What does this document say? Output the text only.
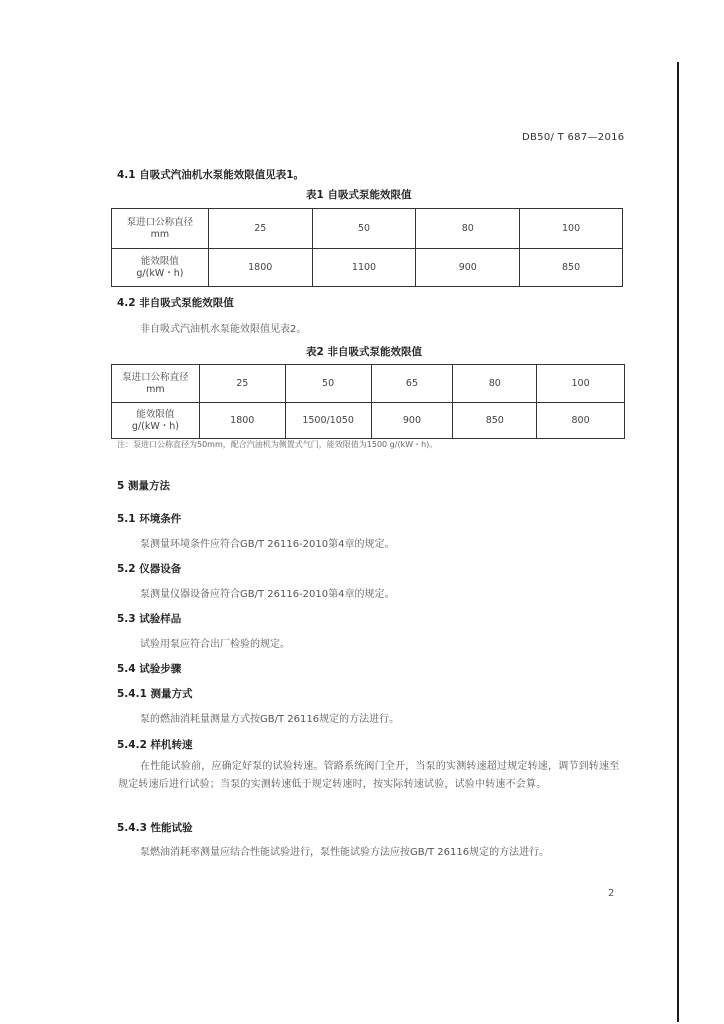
DB50/ T 687—2016
4.1 自吸式汽油机水泵能效限值见表1。
表1 自吸式泵能效限值
泵进口公称直径
mm	25	50	80	100

能效限值
g/(kW・h)	1800	1100	900	850
4.2 非自吸式泵能效限值
非自吸式汽油机水泵能效限值见表2。
表2 非自吸式泵能效限值
泵进口公称直径
mm	25	50	65	80	100

能效限值
g/(kW・h)	1800	1500/1050	900	850	800
注：泵进口公称直径为50mm，配合汽油机为侧置式气门，能效限值为1500 g/(kW・h)。
5 测量方法
5.1 环境条件
泵测量环境条件应符合GB/T 26116-2010第4章的规定。
5.2 仪器设备
泵测量仪器设备应符合GB/T 26116-2010第4章的规定。
5.3 试验样品
试验用泵应符合出厂检验的规定。
5.4 试验步骤
5.4.1 测量方式
泵的燃油消耗量测量方式按GB/T 26116规定的方法进行。
5.4.2 样机转速
在性能试验前，应确定好泵的试验转速。管路系统阀门全开，当泵的实测转速超过规定转速，调节到转速至规定转速后进行试验；当泵的实测转速低于规定转速时，按实际转速试验，试验中转速不会算。
5.4.3 性能试验
泵燃油消耗率测量应结合性能试验进行，泵性能试验方法应按GB/T 26116规定的方法进行。
2
